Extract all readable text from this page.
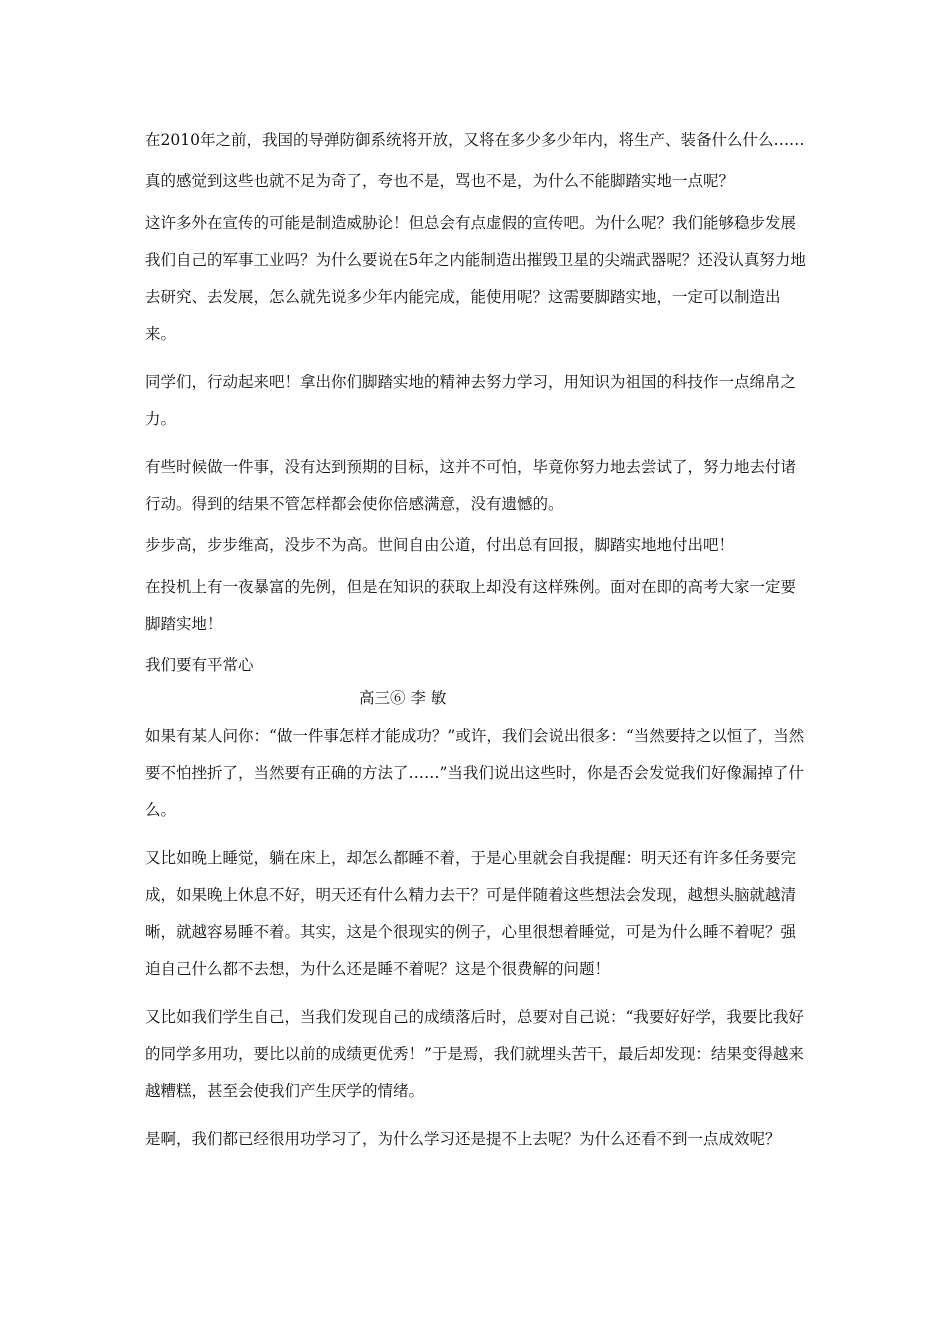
在2010年之前，我国的导弹防御系统将开放，又将在多少多少年内，将生产、装备什么什么……

真的感觉到这些也就不足为奇了，夸也不是，骂也不是，为什么不能脚踏实地一点呢？

这许多外在宣传的可能是制造威胁论！但总会有点虚假的宣传吧。为什么呢？我们能够稳步发展我们自己的军事工业吗？为什么要说在5年之内能制造出摧毁卫星的尖端武器呢？还没认真努力地去研究、去发展，怎么就先说多少年内能完成，能使用呢？这需要脚踏实地，一定可以制造出来。

同学们，行动起来吧！拿出你们脚踏实地的精神去努力学习，用知识为祖国的科技作一点绵帛之力。

有些时候做一件事，没有达到预期的目标，这并不可怕，毕竟你努力地去尝试了，努力地去付诸行动。得到的结果不管怎样都会使你倍感满意，没有遗憾的。

步步高，步步维高，没步不为高。世间自由公道，付出总有回报，脚踏实地地付出吧！

在投机上有一夜暴富的先例，但是在知识的获取上却没有这样殊例。面对在即的高考大家一定要脚踏实地！

我们要有平常心

高三⑥ 李 敏

如果有某人问你：“做一件事怎样才能成功？”或许，我们会说出很多：“当然要持之以恒了，当然要不怕挫折了，当然要有正确的方法了……”当我们说出这些时，你是否会发觉我们好像漏掉了什么。

又比如晚上睡觉，躺在床上，却怎么都睡不着，于是心里就会自我提醒：明天还有许多任务要完成，如果晚上休息不好，明天还有什么精力去干？可是伴随着这些想法会发现，越想头脑就越清晰，就越容易睡不着。其实，这是个很现实的例子，心里很想着睡觉，可是为什么睡不着呢？强迫自己什么都不去想，为什么还是睡不着呢？这是个很费解的问题！

又比如我们学生自己，当我们发现自己的成绩落后时，总要对自己说：“我要好好学，我要比我好的同学多用功，要比以前的成绩更优秀！”于是焉，我们就埋头苦干，最后却发现：结果变得越来越糟糕，甚至会使我们产生厌学的情绪。

是啊，我们都已经很用功学习了，为什么学习还是提不上去呢？为什么还看不到一点成效呢？
